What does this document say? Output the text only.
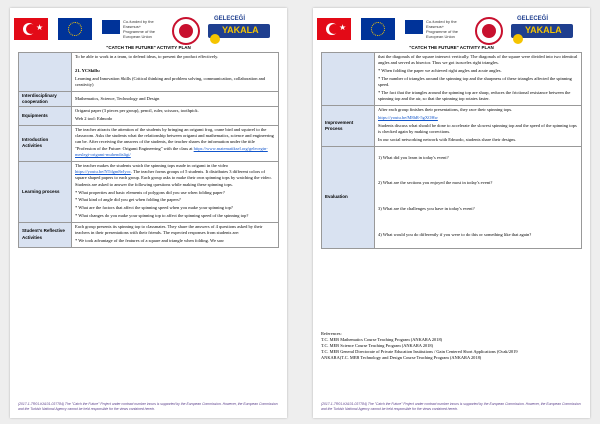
★
Co-funded by the Erasmus+ Programme of the European Union
GELECEĞİ
YAKALA
"CATCH THE FUTURE" ACTIVITY PLAN

	To be able to work in a team, to defend ideas, to present the product effectively.

21. YCSkills:

Learning and Innovation Skills (Critical thinking and problem solving, communication, collaboration and creativity)

Interdisciplinary cooperation	Mathematics, Science, Technology and Design
Equipments	Origami paper (3 pieces per group), pencil, ruler, scissors, toothpick.

Web 2 tool: Edmodo

Introduction Activities	The teacher attracts the attention of the students by bringing an origami frog, crane bird and squirrel to the classroom. Asks the students what the relationship between origami and mathematics, science and engineering can be. After receiving the answers of the students, the teacher shares the information under the title "Profession of the Future: Origami Engineering" with the class at https://www.matematiksel.org/gelecegin-meslegi-origami-muhendisligi/

Learning process	The teacher makes the students watch the spinning tops made in origami in the video https://youtu.be/NTdgm8eJyoc. The teacher forms groups of 5 students. It distributes 3 different colors of square shaped papers to each group. Each group asks to make their own spinning tops by watching the video. Students are asked to answer the following questions while making these spinning tops.

* What properties and basic elements of polygons did you use when folding paper?

* What kind of angle did you get when folding the papers?

* What are the factors that affect the spinning speed when you make your spinning top?

* What changes do you make your spinning top to affect the spinning speed of the spinning top?

Student's Reflective Activities	Each group presents its spinning top to classmates. They share the answers of 4 questions asked by their teachers in their presentations with their friends. The expected responses from students are:

* We took advantage of the features of a square and triangle when folding. We saw

(2017-1-TR01-KA101-037784) The "Catch the Future" Project under contract number incurs is supported by the European Commission. However, the European Commission and the Turkish National Agency cannot be held responsible for the views contained herein.
★
Co-funded by the Erasmus+ Programme of the European Union
GELECEĞİ
YAKALA
"CATCH THE FUTURE" ACTIVITY PLAN

	that the diagonals of the square intersect vertically. The diagonals of the square were divided into two identical angles and served as bisector. Thus we got isosceles right triangles.

* When folding the paper we achieved right angles and acute angles.

* The number of triangles around the spinning top and the sharpness of these triangles affected the spinning speed.

* The fact that the triangles around the spinning top are sharp, reduces the frictional resistance between the spinning top and the air, so that the spinning top rotates faster.

Improvement Process	After each group finishes their presentations, they race their spinning tops.

https://youtu.be/M8hR-5gXOHw

Students discuss what should be done to accelerate the slowest spinning top and the speed of the spinning tops is checked again by making corrections.

In our social networking network with Edmodo, students share their designs.

Evaluation	1) What did you learn in today's event?

2) What are the sections you enjoyed the most in today's event?

3) What are the challenges you have in today's event?

4) What would you do differently if you were to do this or something like that again?

References:

T.C. MEB Mathematics Course Teaching Program (ANKARA 2018)

T.C. MEB Science Course Teaching Program (ANKARA 2018)

T.C. MEB General Directorate of Private Education Institutions / Gain Centered Short Applications (Ocak/2019

ANKARA)T.C. MEB Technology and Design Course Teaching Program (ANKARA 2018)

(2017-1-TR01-KA101-037784) The "Catch the Future" Project under contract number incurs is supported by the European Commission. However, the European Commission and the Turkish National Agency cannot be held responsible for the views contained herein.
